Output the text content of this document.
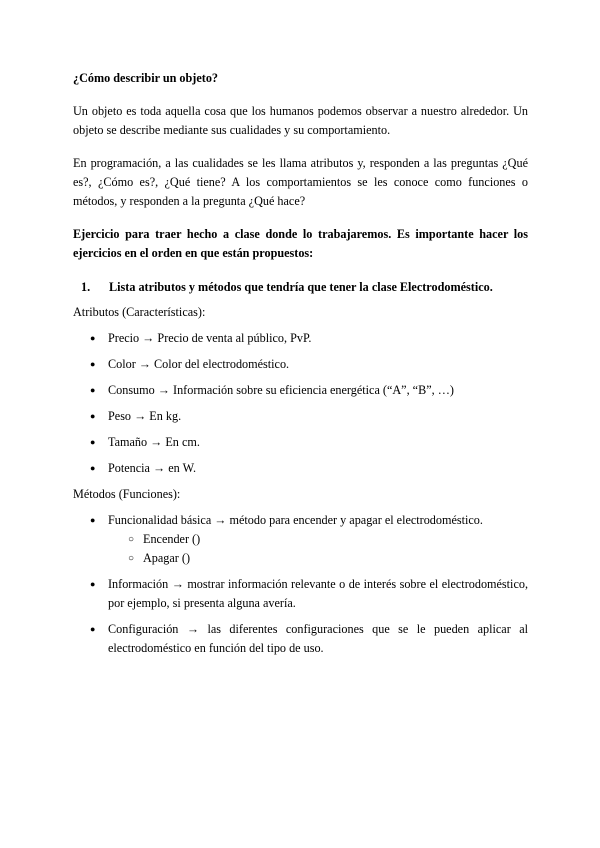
¿Cómo describir un objeto?

Un objeto es toda aquella cosa que los humanos podemos observar a nuestro alrededor. Un objeto se describe mediante sus cualidades y su comportamiento.

En programación, a las cualidades se les llama atributos y, responden a las preguntas ¿Qué es?, ¿Cómo es?, ¿Qué tiene? A los comportamientos se les conoce como funciones o métodos, y responden a la pregunta ¿Qué hace?

Ejercicio para traer hecho a clase donde lo trabajaremos. Es importante hacer los ejercicios en el orden en que están propuestos:

1.	Lista atributos y métodos que tendría que tener la clase Electrodoméstico.

Atributos (Características):

●	Precio → Precio de venta al público, PvP.
●	Color → Color del electrodoméstico.
●	Consumo → Información sobre su eficiencia energética (“A”, “B”, …)
●	Peso → En kg.
●	Tamaño → En cm.
●	Potencia → en W.

Métodos (Funciones):

●	Funcionalidad básica → método para encender y apagar el electrodoméstico.
○ Encender ()
○ Apagar ()
●	Información → mostrar información relevante o de interés sobre el electrodoméstico, por ejemplo, si presenta alguna avería.
●	Configuración → las diferentes configuraciones que se le pueden aplicar al electrodoméstico en función del tipo de uso.
